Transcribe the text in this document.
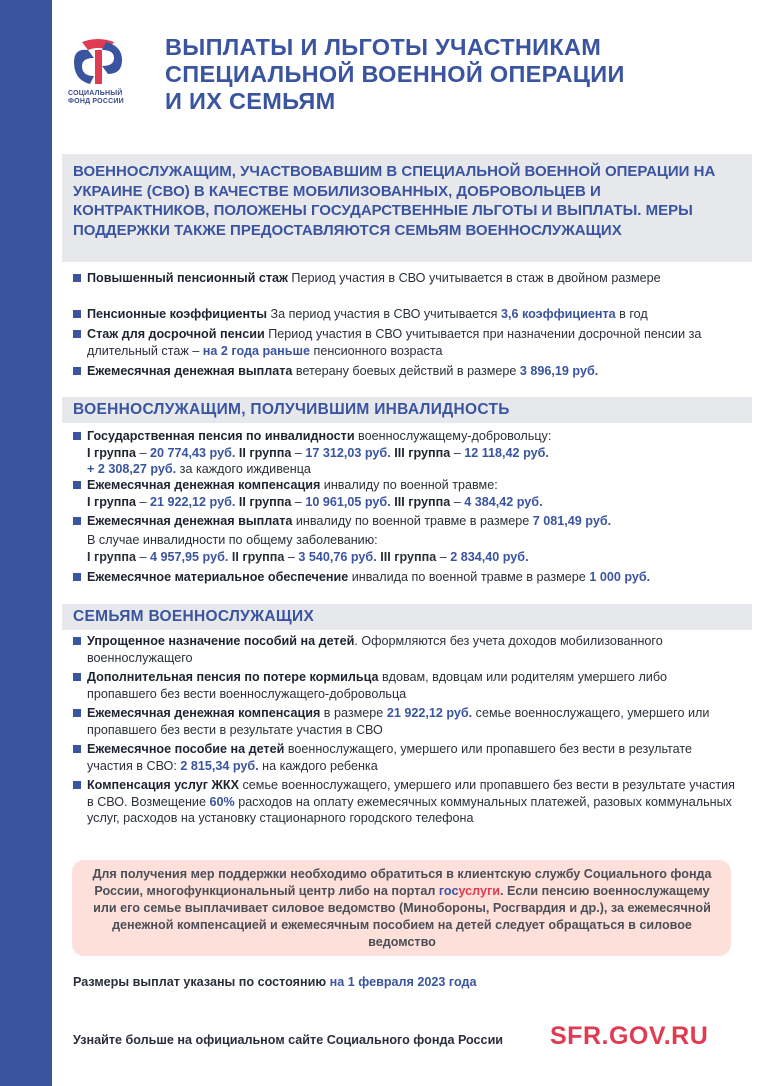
СОЦИАЛЬНЫЙ
ФОНД РОССИИ
ВЫПЛАТЫ И ЛЬГОТЫ УЧАСТНИКАМ
СПЕЦИАЛЬНОЙ ВОЕННОЙ ОПЕРАЦИИ
И ИХ СЕМЬЯМ
ВОЕННОСЛУЖАЩИМ, УЧАСТВОВАВШИМ В СПЕЦИАЛЬНОЙ ВОЕННОЙ ОПЕРАЦИИ НА УКРАИНЕ (СВО) В КАЧЕСТВЕ МОБИЛИЗОВАННЫХ, ДОБРОВОЛЬЦЕВ И КОНТРАКТНИКОВ, ПОЛОЖЕНЫ ГОСУДАРСТВЕННЫЕ ЛЬГОТЫ И ВЫПЛАТЫ. МЕРЫ ПОДДЕРЖКИ ТАКЖЕ ПРЕДОСТАВЛЯЮТСЯ СЕМЬЯМ ВОЕННОСЛУЖАЩИХ
Повышенный пенсионный стаж Период участия в СВО учитывается в стаж в двойном размере
Пенсионные коэффициенты За период участия в СВО учитывается 3,6 коэффициента в год
Стаж для досрочной пенсии Период участия в СВО учитывается при назначении досрочной пенсии за длительный стаж – на 2 года раньше пенсионного возраста
Ежемесячная денежная выплата ветерану боевых действий в размере 3 896,19 руб.
ВОЕННОСЛУЖАЩИМ, ПОЛУЧИВШИМ ИНВАЛИДНОСТЬ
Государственная пенсия по инвалидности военнослужащему-добровольцу:
I группа – 20 774,43 руб. II группа – 17 312,03 руб. III группа – 12 118,42 руб.
+ 2 308,27 руб. за каждого иждивенца
Ежемесячная денежная компенсация инвалиду по военной травме:
I группа – 21 922,12 руб. II группа – 10 961,05 руб. III группа – 4 384,42 руб.
Ежемесячная денежная выплата инвалиду по военной травме в размере 7 081,49 руб.
В случае инвалидности по общему заболеванию:
I группа – 4 957,95 руб. II группа – 3 540,76 руб. III группа – 2 834,40 руб.
Ежемесячное материальное обеспечение инвалида по военной травме в размере 1 000 руб.
СЕМЬЯМ ВОЕННОСЛУЖАЩИХ
Упрощенное назначение пособий на детей. Оформляются без учета доходов мобилизованного военнослужащего
Дополнительная пенсия по потере кормильца вдовам, вдовцам или родителям умершего либо пропавшего без вести военнослужащего-добровольца
Ежемесячная денежная компенсация в размере 21 922,12 руб. семье военнослужащего, умершего или пропавшего без вести в результате участия в СВО
Ежемесячное пособие на детей военнослужащего, умершего или пропавшего без вести в результате участия в СВО: 2 815,34 руб. на каждого ребенка
Компенсация услуг ЖКХ семье военнослужащего, умершего или пропавшего без вести в результате участия в СВО. Возмещение 60% расходов на оплату ежемесячных коммунальных платежей, разовых коммунальных услуг, расходов на установку стационарного городского телефона
Для получения мер поддержки необходимо обратиться в клиентскую службу Социального фонда России, многофункциональный центр либо на портал госуслуги. Если пенсию военнослужащему или его семье выплачивает силовое ведомство (Минобороны, Росгвардия и др.), за ежемесячной денежной компенсацией и ежемесячным пособием на детей следует обращаться в силовое ведомство
Размеры выплат указаны по состоянию на 1 февраля 2023 года
Узнайте больше на официальном сайте Социального фонда России SFR.GOV.RU
